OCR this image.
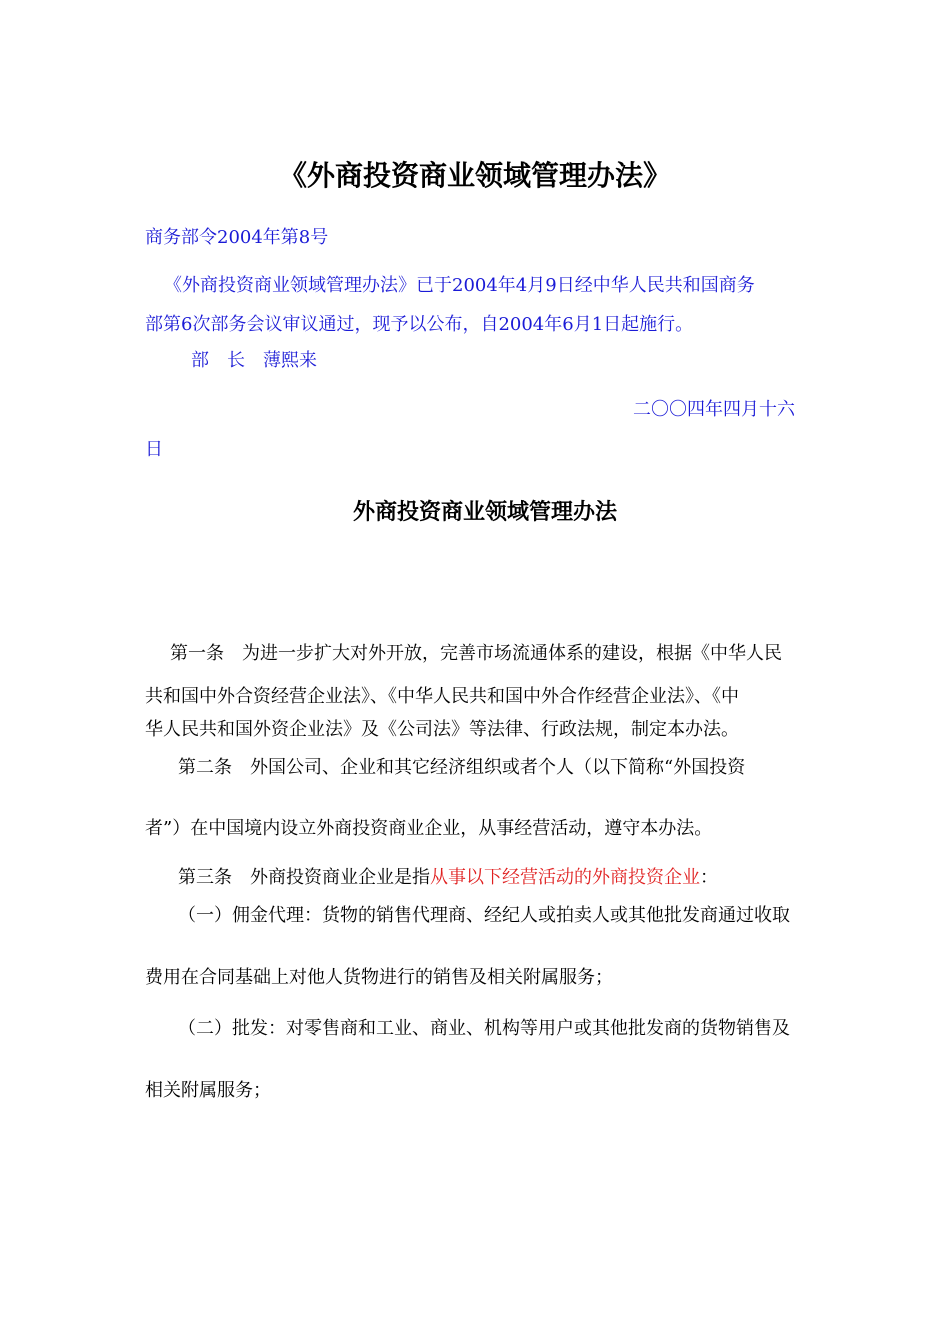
《外商投资商业领域管理办法》

商务部令2004年第8号

《外商投资商业领域管理办法》已于2004年4月9日经中华人民共和国商务

部第6次部务会议审议通过，现予以公布，自2004年6月1日起施行。

部　长　薄熙来

二〇〇四年四月十六

日

外商投资商业领域管理办法

第一条　为进一步扩大对外开放，完善市场流通体系的建设，根据《中华人民

共和国中外合资经营企业法》、《中华人民共和国中外合作经营企业法》、《中

华人民共和国外资企业法》及《公司法》等法律、行政法规，制定本办法。

第二条　外国公司、企业和其它经济组织或者个人（以下简称“外国投资

者”）在中国境内设立外商投资商业企业，从事经营活动，遵守本办法。

第三条　外商投资商业企业是指从事以下经营活动的外商投资企业：

（一）佣金代理：货物的销售代理商、经纪人或拍卖人或其他批发商通过收取

费用在合同基础上对他人货物进行的销售及相关附属服务；

（二）批发：对零售商和工业、商业、机构等用户或其他批发商的货物销售及

相关附属服务；
